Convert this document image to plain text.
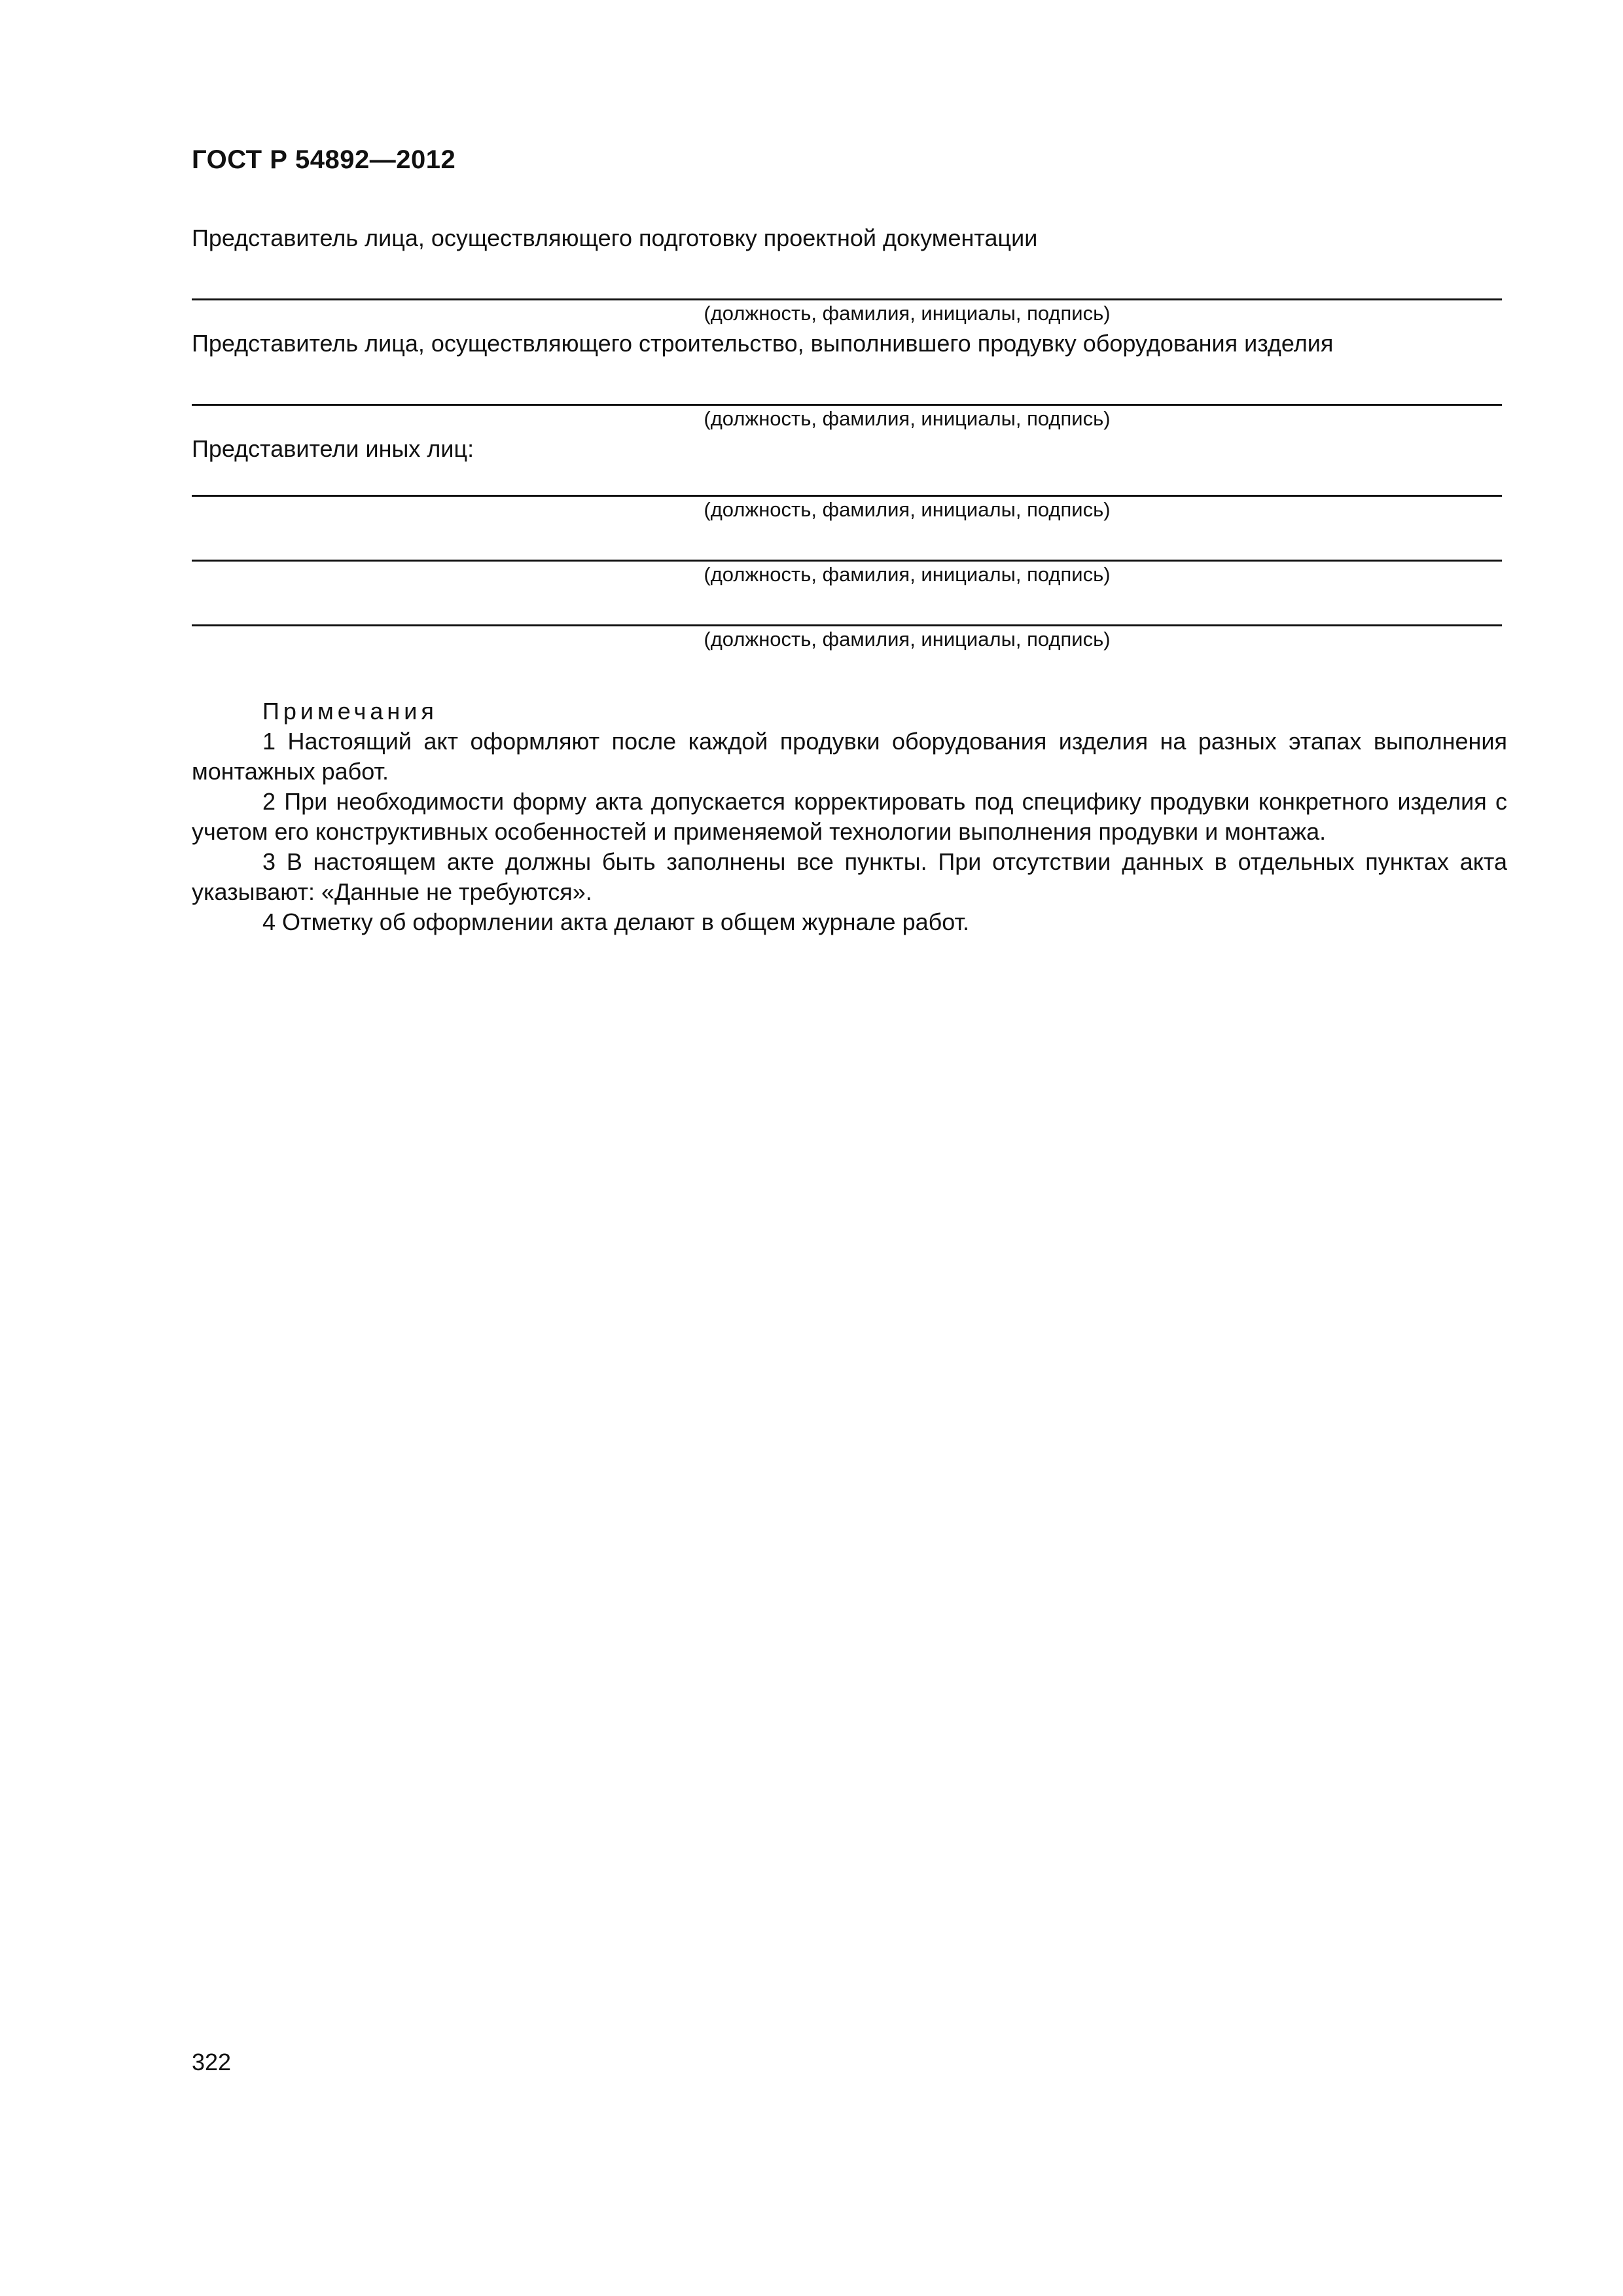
ГОСТ Р 54892—2012
Представитель лица, осуществляющего подготовку проектной документации
(должность, фамилия, инициалы, подпись)
Представитель лица, осуществляющего строительство, выполнившего продувку оборудования изделия
(должность, фамилия, инициалы, подпись)
Представители иных лиц:
(должность, фамилия, инициалы, подпись)
(должность, фамилия, инициалы, подпись)
(должность, фамилия, инициалы, подпись)
Примечания

1 Настоящий акт оформляют после каждой продувки оборудования изделия на разных этапах выполнения монтажных работ.

2 При необходимости форму акта допускается корректировать под специфику продувки конкретного изделия с учетом его конструктивных особенностей и применяемой технологии выполнения продувки и монтажа.

3 В настоящем акте должны быть заполнены все пункты. При отсутствии данных в отдельных пунктах акта указывают: «Данные не требуются».

4 Отметку об оформлении акта делают в общем журнале работ.

322
